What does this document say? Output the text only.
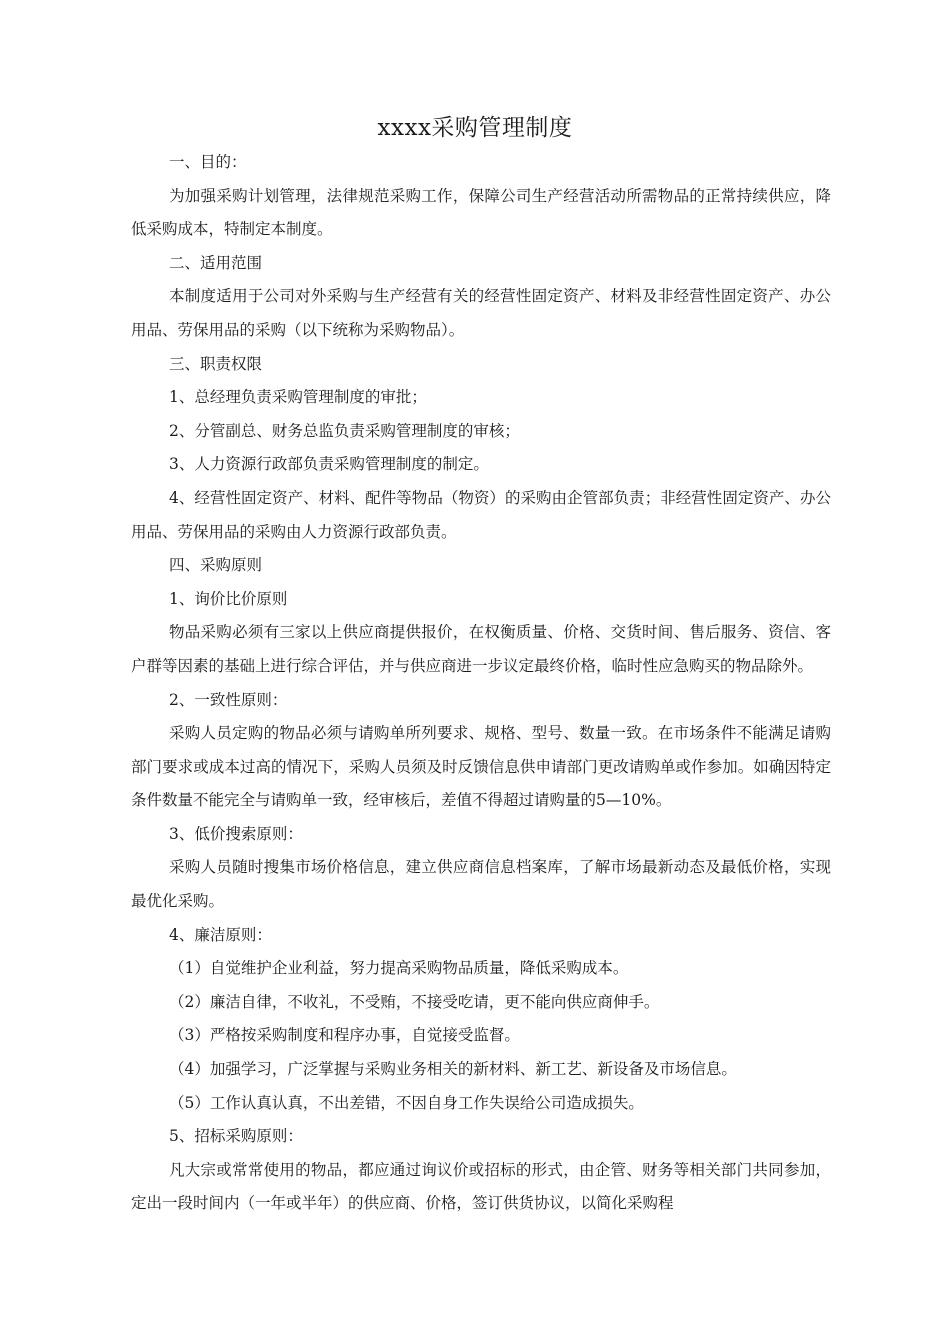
xxxx采购管理制度

一、目的：

为加强采购计划管理，法律规范采购工作，保障公司生产经营活动所需物品的正常持续供应，降低采购成本，特制定本制度。

二、适用范围

本制度适用于公司对外采购与生产经营有关的经营性固定资产、材料及非经营性固定资产、办公用品、劳保用品的采购（以下统称为采购物品）。

三、职责权限

1、总经理负责采购管理制度的审批；

2、分管副总、财务总监负责采购管理制度的审核；

3、人力资源行政部负责采购管理制度的制定。

4、经营性固定资产、材料、配件等物品（物资）的采购由企管部负责；非经营性固定资产、办公用品、劳保用品的采购由人力资源行政部负责。

四、采购原则

1、询价比价原则

物品采购必须有三家以上供应商提供报价，在权衡质量、价格、交货时间、售后服务、资信、客户群等因素的基础上进行综合评估，并与供应商进一步议定最终价格，临时性应急购买的物品除外。

2、一致性原则：

采购人员定购的物品必须与请购单所列要求、规格、型号、数量一致。在市场条件不能满足请购部门要求或成本过高的情况下，采购人员须及时反馈信息供申请部门更改请购单或作参加。如确因特定条件数量不能完全与请购单一致，经审核后，差值不得超过请购量的5—10%。

3、低价搜索原则：

采购人员随时搜集市场价格信息，建立供应商信息档案库，了解市场最新动态及最低价格，实现最优化采购。

4、廉洁原则：

（1）自觉维护企业利益，努力提高采购物品质量，降低采购成本。

（2）廉洁自律，不收礼，不受贿，不接受吃请，更不能向供应商伸手。

（3）严格按采购制度和程序办事，自觉接受监督。

（4）加强学习，广泛掌握与采购业务相关的新材料、新工艺、新设备及市场信息。

（5）工作认真认真，不出差错，不因自身工作失误给公司造成损失。

5、招标采购原则：

凡大宗或常常使用的物品，都应通过询议价或招标的形式，由企管、财务等相关部门共同参加，定出一段时间内（一年或半年）的供应商、价格，签订供货协议，以简化采购程
